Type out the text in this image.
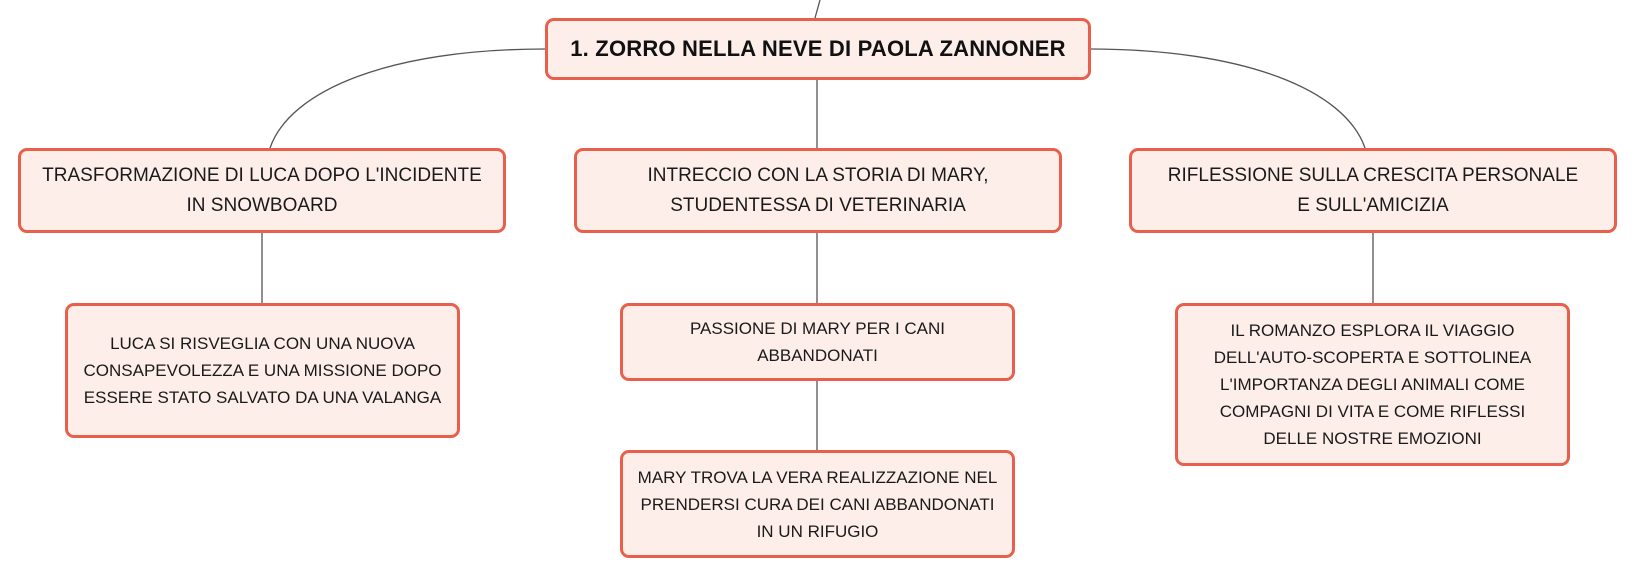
1. ZORRO NELLA NEVE DI PAOLA ZANNONER
TRASFORMAZIONE DI LUCA DOPO L'INCIDENTE IN SNOWBOARD
LUCA SI RISVEGLIA CON UNA NUOVA CONSAPEVOLEZZA E UNA MISSIONE DOPO ESSERE STATO SALVATO DA UNA VALANGA
INTRECCIO CON LA STORIA DI MARY, STUDENTESSA DI VETERINARIA
PASSIONE DI MARY PER I CANI ABBANDONATI
MARY TROVA LA VERA REALIZZAZIONE NEL PRENDERSI CURA DEI CANI ABBANDONATI IN UN RIFUGIO
RIFLESSIONE SULLA CRESCITA PERSONALE E SULL'AMICIZIA
IL ROMANZO ESPLORA IL VIAGGIO DELL'AUTO-SCOPERTA E SOTTOLINEA L'IMPORTANZA DEGLI ANIMALI COME COMPAGNI DI VITA E COME RIFLESSI DELLE NOSTRE EMOZIONI
